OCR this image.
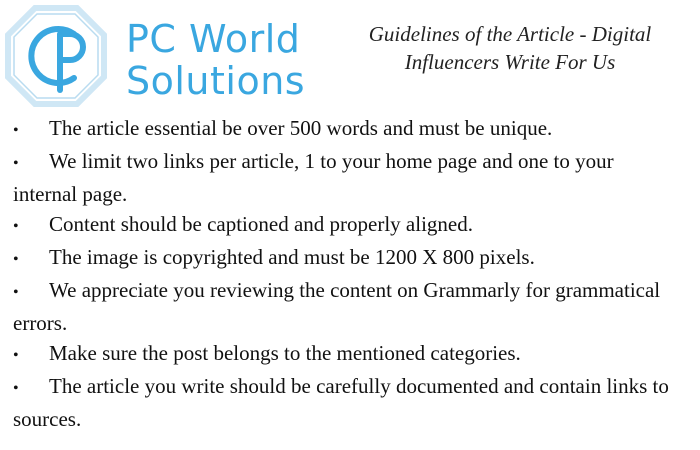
PC World
Solutions
Guidelines of the Article - Digital Influencers Write For Us
• The article essential be over 500 words and must be unique.
• We limit two links per article, 1 to your home page and one to your internal page.
• Content should be captioned and properly aligned.
• The image is copyrighted and must be 1200 X 800 pixels.
• We appreciate you reviewing the content on Grammarly for grammatical errors.
• Make sure the post belongs to the mentioned categories.
• The article you write should be carefully documented and contain links to sources.
